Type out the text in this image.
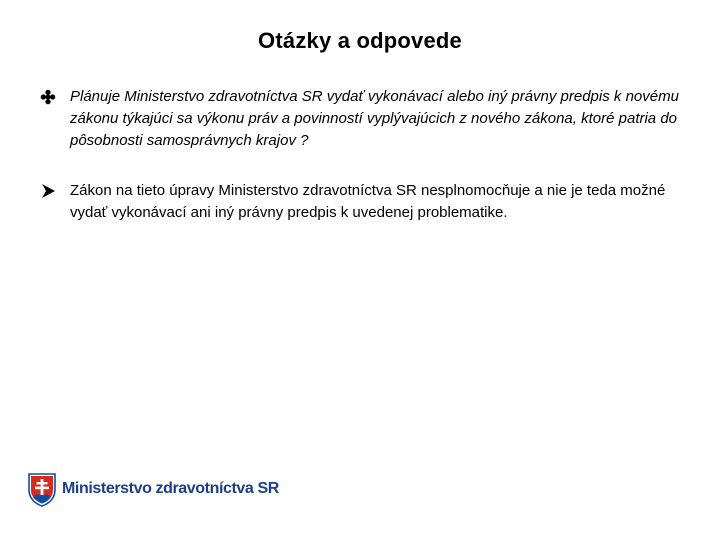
Otázky a odpovede
Plánuje Ministerstvo zdravotníctva SR vydať vykonávací alebo iný právny predpis k novému zákonu týkajúci sa výkonu práv a povinností vyplývajúcich z nového zákona, ktoré patria do pôsobnosti samosprávnych krajov ?
Zákon na tieto úpravy Ministerstvo zdravotníctva SR nesplnomocňuje a nie je teda možné vydať vykonávací ani iný právny predpis k uvedenej problematike.
Ministerstvo zdravotníctva SR
